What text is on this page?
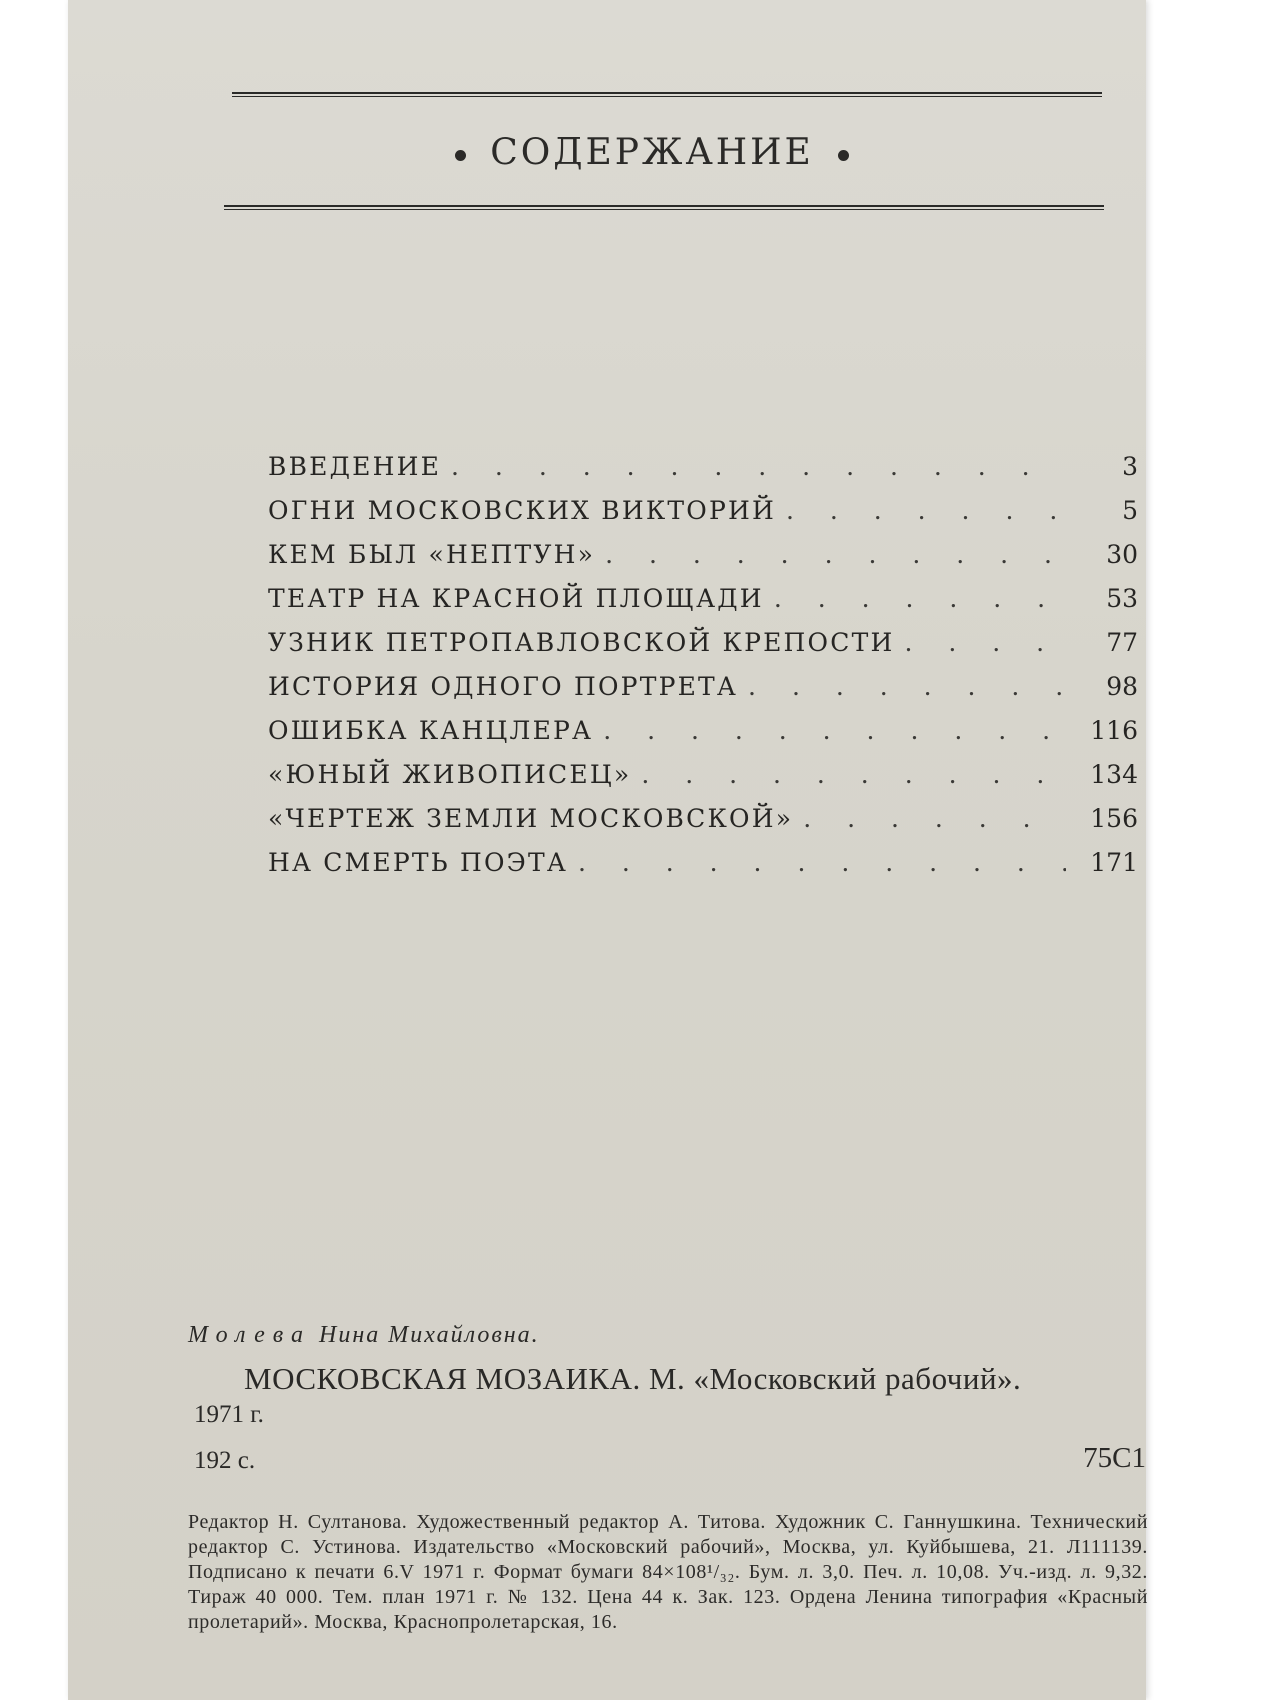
СОДЕРЖАНИЕ
ВВЕДЕНИЕ . . .	3
ОГНИ МОСКОВСКИХ ВИКТОРИЙ . . .	5
КЕМ БЫЛ «НЕПТУН» . . .	30
ТЕАТР НА КРАСНОЙ ПЛОЩАДИ . . .	53
УЗНИК ПЕТРОПАВЛОВСКОЙ КРЕПОСТИ . . .	77
ИСТОРИЯ ОДНОГО ПОРТРЕТА . . .	98
ОШИБКА КАНЦЛЕРА . . .	116
«ЮНЫЙ ЖИВОПИСЕЦ» . . .	134
«ЧЕРТЕЖ ЗЕМЛИ МОСКОВСКОЙ» . . .	156
НА СМЕРТЬ ПОЭТА . . .	171
Молева Нина Михайловна.
МОСКОВСКАЯ МОЗАИКА. М. «Московский рабочий».
1971 г.
192 с.	75С1
Редактор Н. Султанова. Художественный редактор А. Титова. Художник С. Ганнушкина. Технический редактор С. Устинова. Издательство «Московский рабочий», Москва, ул. Куйбышева, 21. Л111139. Подписано к печати 6.V 1971 г. Формат бумаги 84×108¹/₃₂. Бум. л. 3,0. Печ. л. 10,08. Уч.-изд. л. 9,32. Тираж 40 000. Тем. план 1971 г. № 132. Цена 44 к. Зак. 123. Ордена Ленина типография «Красный пролетарий». Москва, Краснопролетарская, 16.
